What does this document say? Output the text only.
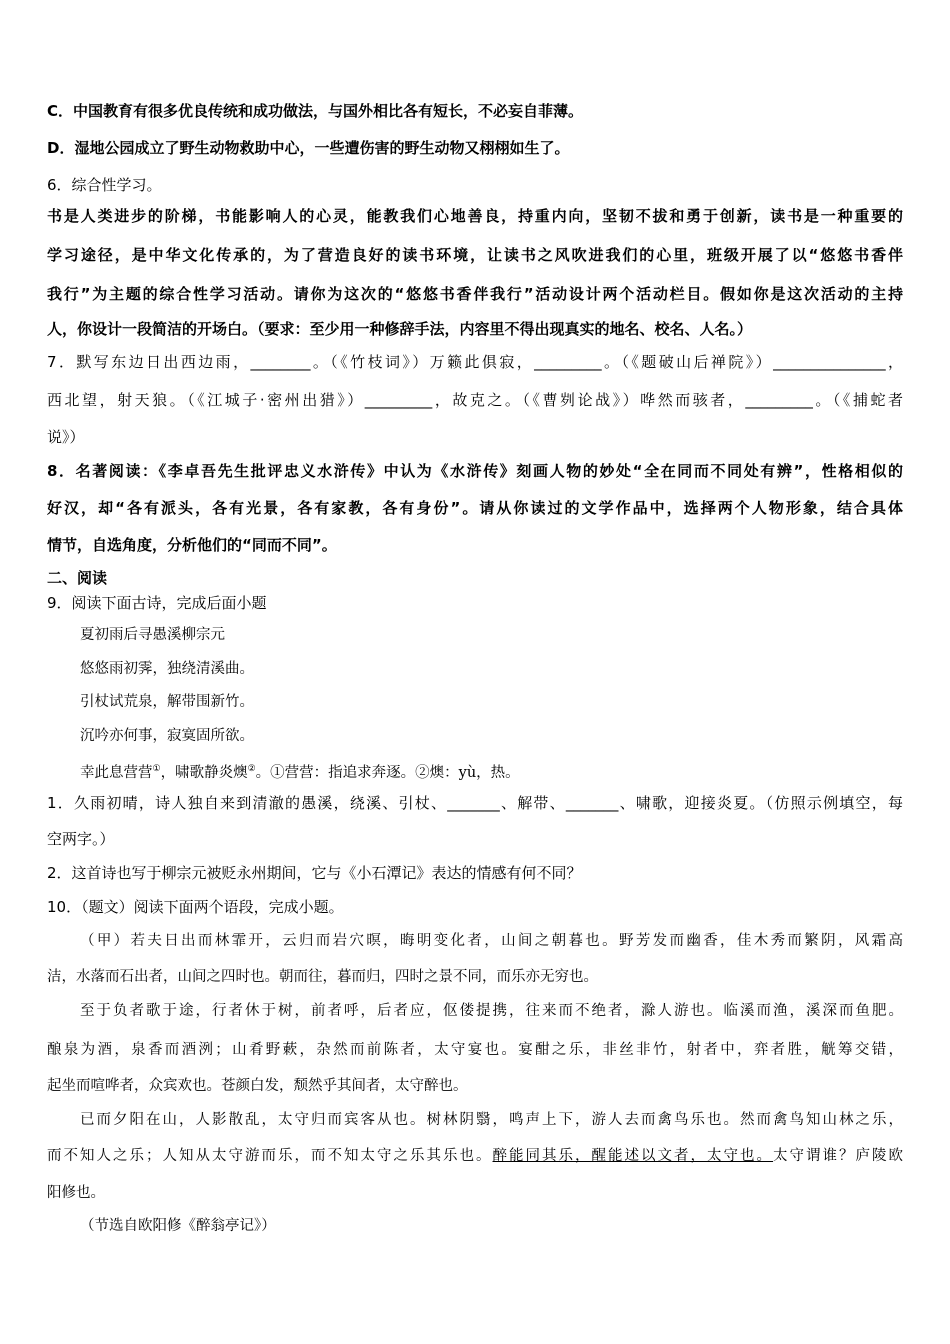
C．中国教育有很多优良传统和成功做法，与国外相比各有短长，不必妄自菲薄。
D．湿地公园成立了野生动物救助中心，一些遭伤害的野生动物又栩栩如生了。
6．综合性学习。
书是人类进步的阶梯，书能影响人的心灵，能教我们心地善良，持重内向，坚韧不拔和勇于创新，读书是一种重要的
学习途径，是中华文化传承的，为了营造良好的读书环境，让读书之风吹进我们的心里，班级开展了以“悠悠书香伴
我行”为主题的综合性学习活动。请你为这次的“悠悠书香伴我行”活动设计两个活动栏目。假如你是这次活动的主持
人，你设计一段简洁的开场白。（要求：至少用一种修辞手法，内容里不得出现真实的地名、校名、人名。）
7．默写东边日出西边雨，________。（《竹枝词》）万籁此俱寂，_________。（《题破山后禅院》）_______________，
西北望，射天狼。（《江城子·密州出猎》）_________，故克之。（《曹刿论战》）哗然而骇者，_________。（《捕蛇者
说》）
8．名著阅读：《李卓吾先生批评忠义水浒传》中认为《水浒传》刻画人物的妙处“全在同而不同处有辨”，性格相似的
好汉，却“各有派头，各有光景，各有家教，各有身份”。请从你读过的文学作品中，选择两个人物形象，结合具体
情节，自选角度，分析他们的“同而不同”。
二、阅读
9．阅读下面古诗，完成后面小题
夏初雨后寻愚溪柳宗元
悠悠雨初霁，独绕清溪曲。
引杖试荒泉，解带围新竹。
沉吟亦何事，寂寞固所欲。
幸此息营营①，啸歌静炎燠②。①营营：指追求奔逐。②燠：yù，热。
1．久雨初晴，诗人独自来到清澈的愚溪，绕溪、引杖、_______、解带、_______、啸歌，迎接炎夏。（仿照示例填空，每
空两字。）
2．这首诗也写于柳宗元被贬永州期间，它与《小石潭记》表达的情感有何不同？
10．（题文）阅读下面两个语段，完成小题。
（甲）若夫日出而林霏开，云归而岩穴暝，晦明变化者，山间之朝暮也。野芳发而幽香，佳木秀而繁阴，风霜高
洁，水落而石出者，山间之四时也。朝而往，暮而归，四时之景不同，而乐亦无穷也。
至于负者歌于途，行者休于树，前者呼，后者应，伛偻提携，往来而不绝者，滁人游也。临溪而渔，溪深而鱼肥。
酿泉为酒，泉香而酒洌；山肴野蔌，杂然而前陈者，太守宴也。宴酣之乐，非丝非竹，射者中，弈者胜，觥筹交错，
起坐而喧哗者，众宾欢也。苍颜白发，颓然乎其间者，太守醉也。
已而夕阳在山，人影散乱，太守归而宾客从也。树林阴翳，鸣声上下，游人去而禽鸟乐也。然而禽鸟知山林之乐，
而不知人之乐；人知从太守游而乐，而不知太守之乐其乐也。醉能同其乐，醒能述以文者，太守也。太守谓谁？庐陵欧
阳修也。
（节选自欧阳修《醉翁亭记》）
